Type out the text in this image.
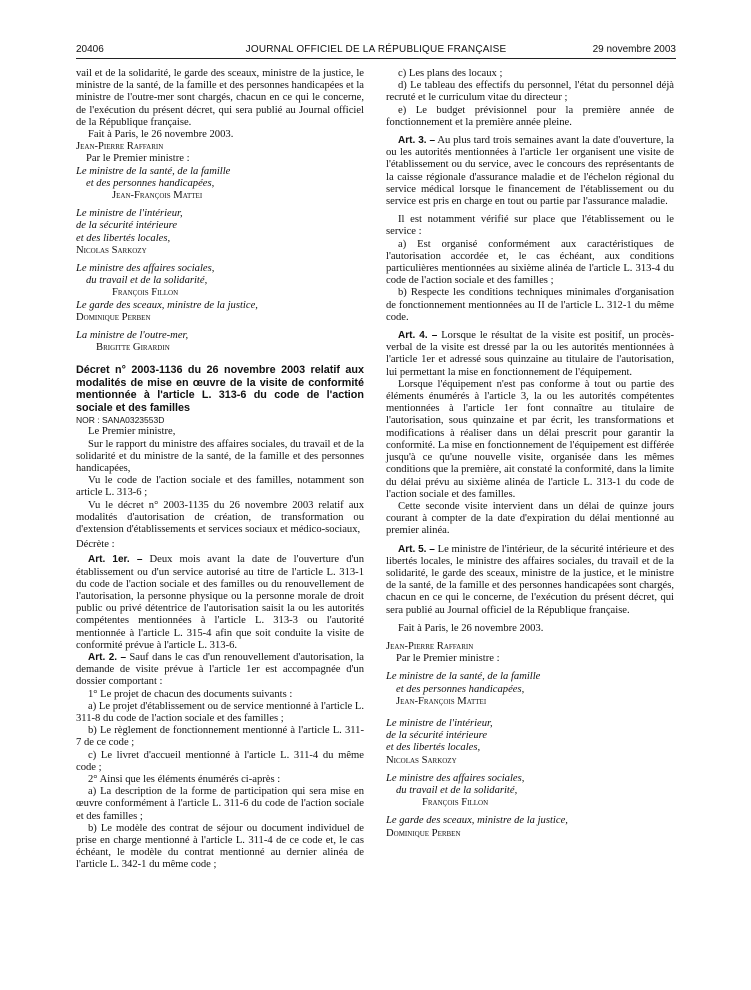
20406	JOURNAL OFFICIEL DE LA RÉPUBLIQUE FRANÇAISE	29 novembre 2003

vail et de la solidarité, le garde des sceaux, ministre de la justice, le ministre de la santé, de la famille et des personnes handicapées et la ministre de l'outre-mer sont chargés, chacun en ce qui le concerne, de l'exécution du présent décret, qui sera publié au Journal officiel de la République française.

Fait à Paris, le 26 novembre 2003.

Jean-Pierre Raffarin

Par le Premier ministre :

Le ministre de la santé, de la famille

et des personnes handicapées,

Jean-François Mattei

Le ministre de l'intérieur,

de la sécurité intérieure

et des libertés locales,

Nicolas Sarkozy

Le ministre des affaires sociales,

du travail et de la solidarité,

François Fillon

Le garde des sceaux, ministre de la justice,

Dominique Perben

La ministre de l'outre-mer,

Brigitte Girardin

Décret n° 2003-1136 du 26 novembre 2003 relatif aux modalités de mise en œuvre de la visite de conformité mentionnée à l'article L. 313-6 du code de l'action sociale et des familles

NOR : SANA0323553D

Le Premier ministre,

Sur le rapport du ministre des affaires sociales, du travail et de la solidarité et du ministre de la santé, de la famille et des personnes handicapées,

Vu le code de l'action sociale et des familles, notamment son article L. 313-6 ;

Vu le décret n° 2003-1135 du 26 novembre 2003 relatif aux modalités d'autorisation de création, de transformation ou d'extension d'établissements et services sociaux et médico-sociaux,

Décrète :

Art. 1er. – Deux mois avant la date de l'ouverture d'un établissement ou d'un service autorisé au titre de l'article L. 313-1 du code de l'action sociale et des familles ou du renouvellement de l'autorisation, la personne physique ou la personne morale de droit public ou privé détentrice de l'autorisation saisit la ou les autorités compétentes mentionnées à l'article L. 313-3 ou l'autorité mentionnée à l'article L. 315-4 afin que soit conduite la visite de conformité prévue à l'article L. 313-6.

Art. 2. – Sauf dans le cas d'un renouvellement d'autorisation, la demande de visite prévue à l'article 1er est accompagnée d'un dossier comportant :

1° Le projet de chacun des documents suivants :

a) Le projet d'établissement ou de service mentionné à l'article L. 311-8 du code de l'action sociale et des familles ;

b) Le règlement de fonctionnement mentionné à l'article L. 311-7 de ce code ;

c) Le livret d'accueil mentionné à l'article L. 311-4 du même code ;

2° Ainsi que les éléments énumérés ci-après :

a) La description de la forme de participation qui sera mise en œuvre conformément à l'article L. 311-6 du code de l'action sociale et des familles ;

b) Le modèle des contrat de séjour ou document individuel de prise en charge mentionné à l'article L. 311-4 de ce code et, le cas échéant, le modèle du contrat mentionné au dernier alinéa de l'article L. 342-1 du même code ;

c) Les plans des locaux ;

d) Le tableau des effectifs du personnel, l'état du personnel déjà recruté et le curriculum vitae du directeur ;

e) Le budget prévisionnel pour la première année de fonctionnement et la première année pleine.

Art. 3. – Au plus tard trois semaines avant la date d'ouverture, la ou les autorités mentionnées à l'article 1er organisent une visite de l'établissement ou du service, avec le concours des représentants de la caisse régionale d'assurance maladie et de l'échelon régional du service médical lorsque le financement de l'établissement ou du service est pris en charge en tout ou partie par l'assurance maladie.

Il est notamment vérifié sur place que l'établissement ou le service :

a) Est organisé conformément aux caractéristiques de l'autorisation accordée et, le cas échéant, aux conditions particulières mentionnées au sixième alinéa de l'article L. 313-4 du code de l'action sociale et des familles ;

b) Respecte les conditions techniques minimales d'organisation de fonctionnement mentionnées au II de l'article L. 312-1 du même code.

Art. 4. – Lorsque le résultat de la visite est positif, un procès-verbal de la visite est dressé par la ou les autorités mentionnées à l'article 1er et adressé sous quinzaine au titulaire de l'autorisation, lui permettant la mise en fonctionnement de l'équipement.

Lorsque l'équipement n'est pas conforme à tout ou partie des éléments énumérés à l'article 3, la ou les autorités compétentes mentionnées à l'article 1er font connaître au titulaire de l'autorisation, sous quinzaine et par écrit, les transformations et modifications à réaliser dans un délai prescrit pour garantir la conformité. La mise en fonctionnement de l'équipement est différée jusqu'à ce qu'une nouvelle visite, organisée dans les mêmes conditions que la première, ait constaté la conformité, dans la limite du délai prévu au sixième alinéa de l'article L. 313-1 du code de l'action sociale et des familles.

Cette seconde visite intervient dans un délai de quinze jours courant à compter de la date d'expiration du délai mentionné au premier alinéa.

Art. 5. – Le ministre de l'intérieur, de la sécurité intérieure et des libertés locales, le ministre des affaires sociales, du travail et de la solidarité, le garde des sceaux, ministre de la justice, et le ministre de la santé, de la famille et des personnes handicapées sont chargés, chacun en ce qui le concerne, de l'exécution du présent décret, qui sera publié au Journal officiel de la République française.

Fait à Paris, le 26 novembre 2003.

Jean-Pierre Raffarin

Par le Premier ministre :

Le ministre de la santé, de la famille

et des personnes handicapées,

Jean-François Mattei

Le ministre de l'intérieur,

de la sécurité intérieure

et des libertés locales,

Nicolas Sarkozy

Le ministre des affaires sociales,

du travail et de la solidarité,

François Fillon

Le garde des sceaux, ministre de la justice,

Dominique Perben
